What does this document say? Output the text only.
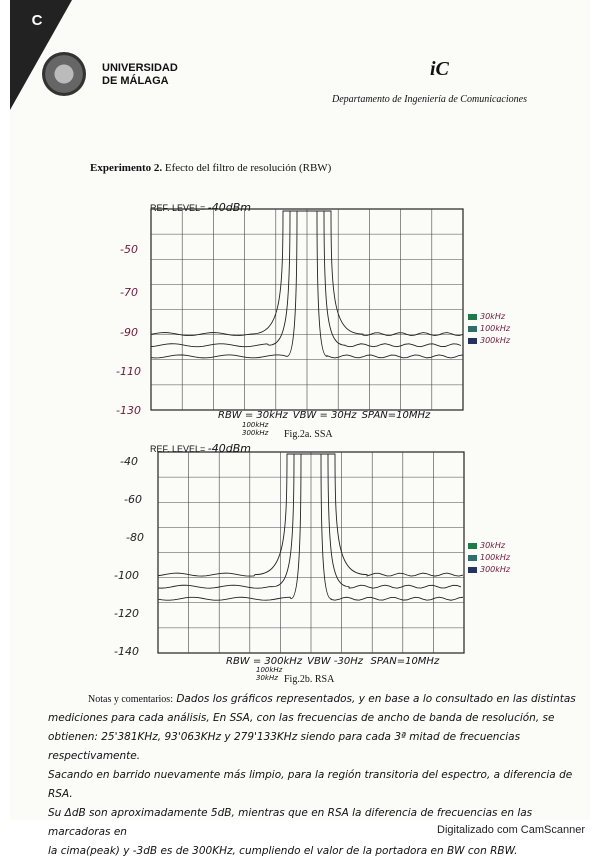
C
UNIVERSIDAD
DE MÁLAGA
iC
Departamento de Ingeniería de Comunicaciones
Experimento 2. Efecto del filtro de resolución (RBW)
REF. LEVEL= -40dBm
-50
-70
-90
-110
-130	RBW = 30kHz VBW = 30Hz SPAN=10MHz
100kHz
300kHz Fig.2a. SSA
30kHz
100kHz
300kHz
REF. LEVEL= -40dBm
-40
-60
-80
-100
-120
-140
RBW = 300kHz VBW -30Hz SPAN=10MHz
100kHz
30kHz Fig.2b. RSA
30kHz
100kHz
300kHz
Notas y comentarios: Dados los gráficos representados, y en base a lo consultado en las distintas
mediciones para cada análisis, En SSA, con las frecuencias de ancho de banda de resolución, se
obtienen: 25'381KHz, 93'063KHz y 279'133KHz siendo para cada 3ª mitad de frecuencias respectivamente.
Sacando en barrido nuevamente más limpio, para la región transitoria del espectro, a diferencia de RSA.
Su ΔdB son aproximadamente 5dB, mientras que en RSA la diferencia de frecuencias en las marcadoras en
la cima(peak) y -3dB es de 300KHz, cumpliendo el valor de la portadora en BW con RBW.
Digitalizado com CamScanner
